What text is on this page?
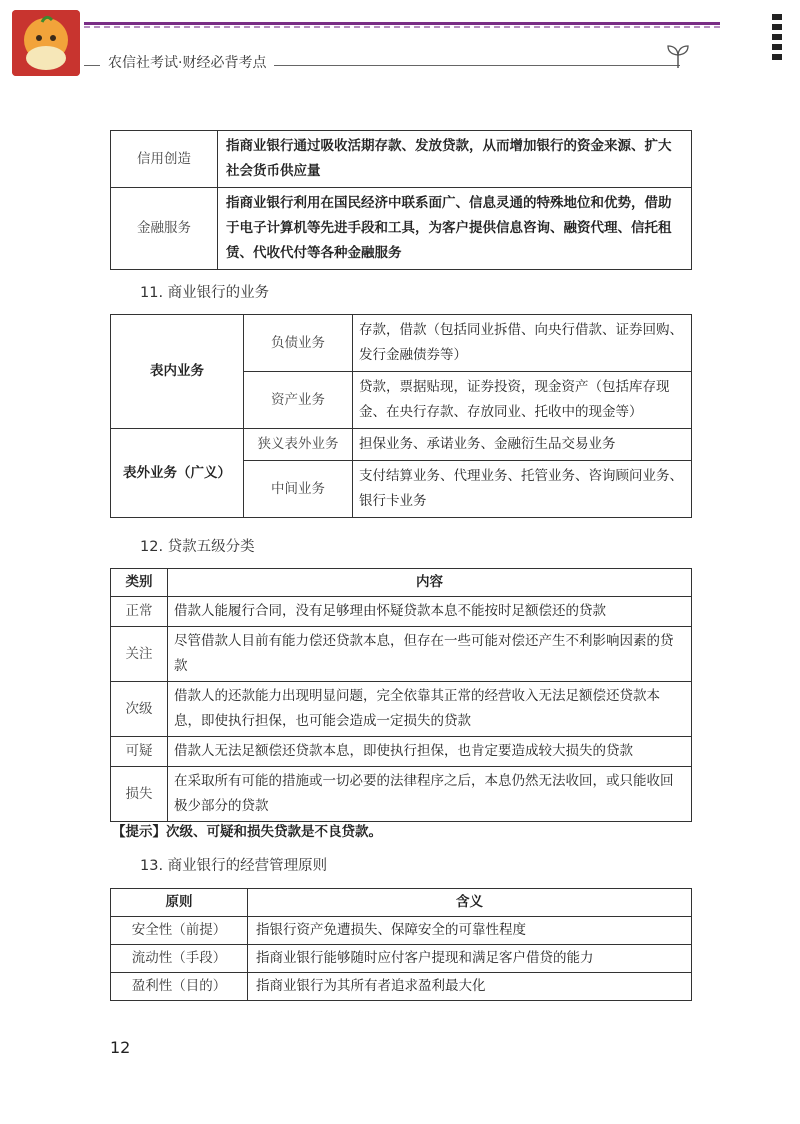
农信社考试·财经必背考点
信用创造	指商业银行通过吸收活期存款、发放贷款，从而增加银行的资金来源、扩大社会货币供应量
金融服务	指商业银行利用在国民经济中联系面广、信息灵通的特殊地位和优势，借助于电子计算机等先进手段和工具，为客户提供信息咨询、融资代理、信托租赁、代收代付等各种金融服务
11. 商业银行的业务
表内业务	负债业务	存款，借款（包括同业拆借、向央行借款、证券回购、发行金融债券等）
	资产业务	贷款，票据贴现，证券投资，现金资产（包括库存现金、在央行存款、存放同业、托收中的现金等）
表外业务（广义）	狭义表外业务	担保业务、承诺业务、金融衍生品交易业务
	中间业务	支付结算业务、代理业务、托管业务、咨询顾问业务、银行卡业务
12. 贷款五级分类
类别	内容
正常	借款人能履行合同，没有足够理由怀疑贷款本息不能按时足额偿还的贷款
关注	尽管借款人目前有能力偿还贷款本息，但存在一些可能对偿还产生不利影响因素的贷款
次级	借款人的还款能力出现明显问题，完全依靠其正常的经营收入无法足额偿还贷款本息，即使执行担保，也可能会造成一定损失的贷款
可疑	借款人无法足额偿还贷款本息，即使执行担保，也肯定要造成较大损失的贷款
损失	在采取所有可能的措施或一切必要的法律程序之后，本息仍然无法收回，或只能收回极少部分的贷款
【提示】次级、可疑和损失贷款是不良贷款。
13. 商业银行的经营管理原则
原则	含义
安全性（前提）	指银行资产免遭损失、保障安全的可靠性程度
流动性（手段）	指商业银行能够随时应付客户提现和满足客户借贷的能力
盈利性（目的）	指商业银行为其所有者追求盈利最大化
12
